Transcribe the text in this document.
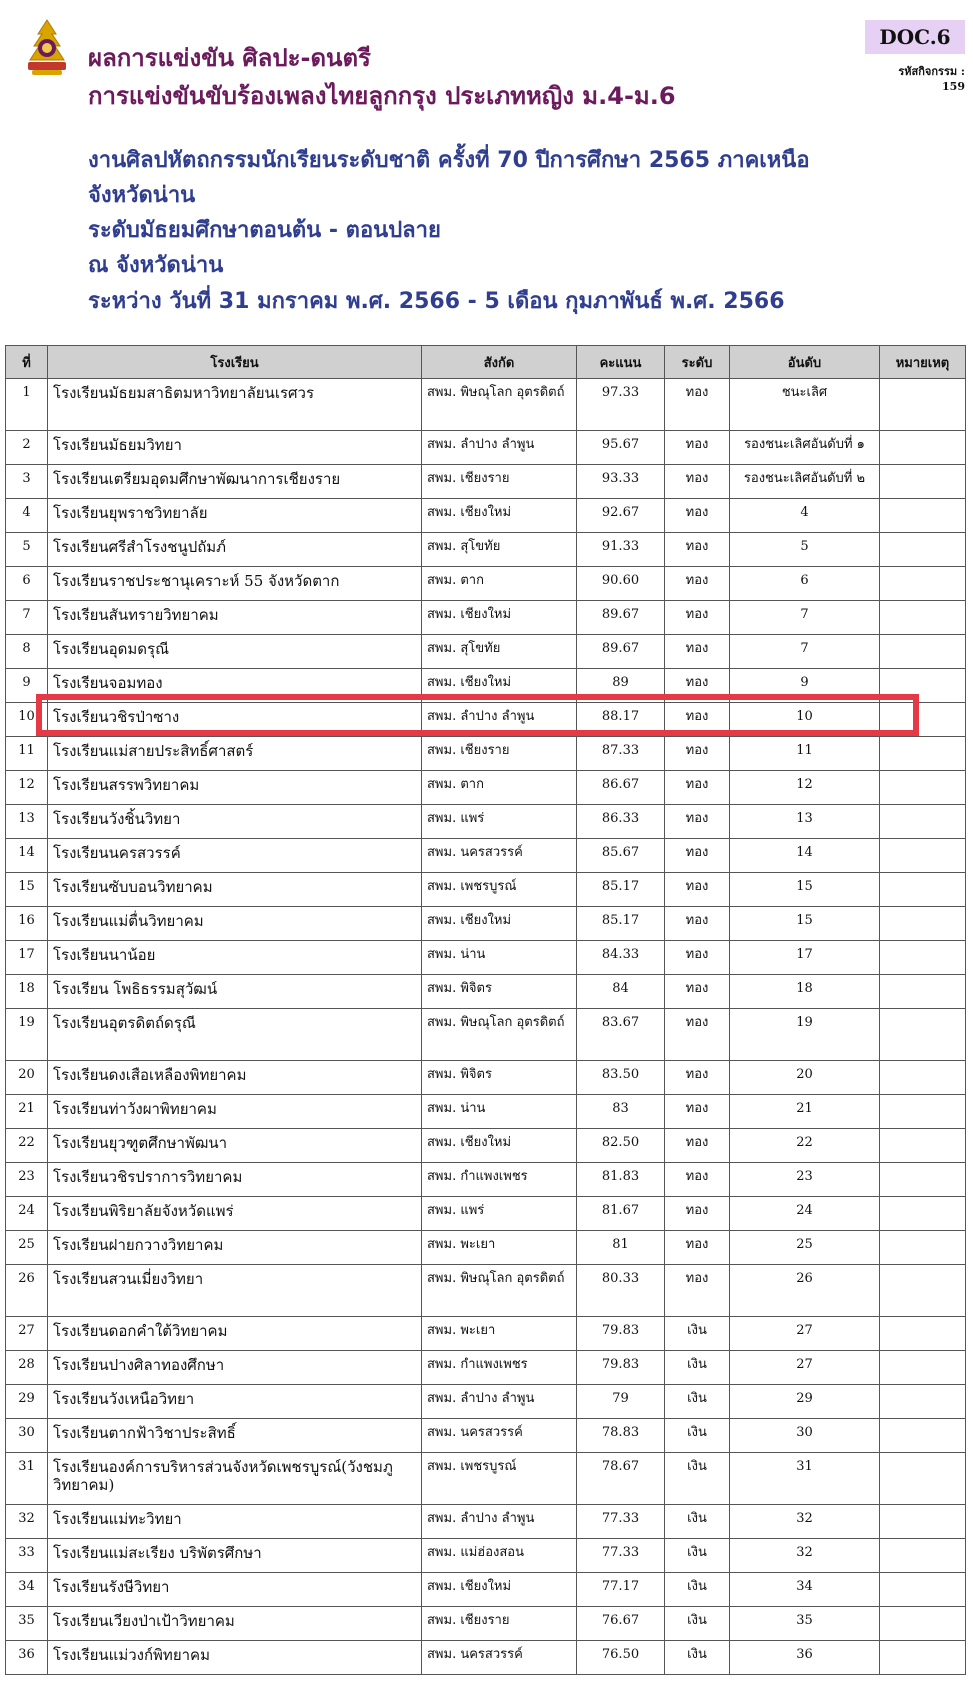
ผลการแข่งขัน ศิลปะ-ดนตรี
การแข่งขันขับร้องเพลงไทยลูกกรุง ประเภทหญิง ม.4-ม.6
DOC.6
รหัสกิจกรรม :
159
งานศิลปหัตถกรรมนักเรียนระดับชาติ ครั้งที่ 70 ปีการศึกษา 2565 ภาคเหนือ
จังหวัดน่าน
ระดับมัธยมศึกษาตอนต้น - ตอนปลาย
ณ จังหวัดน่าน
ระหว่าง วันที่ 31 มกราคม พ.ศ. 2566 - 5 เดือน กุมภาพันธ์ พ.ศ. 2566
ที่	โรงเรียน	สังกัด	คะแนน	ระดับ	อันดับ	หมายเหตุ
1	โรงเรียนมัธยมสาธิตมหาวิทยาลัยนเรศวร	สพม. พิษณุโลก อุตรดิตถ์	97.33	ทอง	ชนะเลิศ	
2	โรงเรียนมัธยมวิทยา	สพม. ลำปาง ลำพูน	95.67	ทอง	รองชนะเลิศอันดับที่ ๑	
3	โรงเรียนเตรียมอุดมศึกษาพัฒนาการเชียงราย	สพม. เชียงราย	93.33	ทอง	รองชนะเลิศอันดับที่ ๒	
4	โรงเรียนยุพราชวิทยาลัย	สพม. เชียงใหม่	92.67	ทอง	4	
5	โรงเรียนศรีสำโรงชนูปถัมภ์	สพม. สุโขทัย	91.33	ทอง	5	
6	โรงเรียนราชประชานุเคราะห์ 55 จังหวัดตาก	สพม. ตาก	90.60	ทอง	6	
7	โรงเรียนสันทรายวิทยาคม	สพม. เชียงใหม่	89.67	ทอง	7	
8	โรงเรียนอุดมดรุณี	สพม. สุโขทัย	89.67	ทอง	7	
9	โรงเรียนจอมทอง	สพม. เชียงใหม่	89	ทอง	9	
10	โรงเรียนวชิรป่าซาง	สพม. ลำปาง ลำพูน	88.17	ทอง	10	
11	โรงเรียนแม่สายประสิทธิ์ศาสตร์	สพม. เชียงราย	87.33	ทอง	11	
12	โรงเรียนสรรพวิทยาคม	สพม. ตาก	86.67	ทอง	12	
13	โรงเรียนวังชิ้นวิทยา	สพม. แพร่	86.33	ทอง	13	
14	โรงเรียนนครสวรรค์	สพม. นครสวรรค์	85.67	ทอง	14	
15	โรงเรียนซับบอนวิทยาคม	สพม. เพชรบูรณ์	85.17	ทอง	15	
16	โรงเรียนแม่ตื่นวิทยาคม	สพม. เชียงใหม่	85.17	ทอง	15	
17	โรงเรียนนาน้อย	สพม. น่าน	84.33	ทอง	17	
18	โรงเรียน โพธิธรรมสุวัฒน์	สพม. พิจิตร	84	ทอง	18	
19	โรงเรียนอุตรดิตถ์ดรุณี	สพม. พิษณุโลก อุตรดิตถ์	83.67	ทอง	19	
20	โรงเรียนดงเสือเหลืองพิทยาคม	สพม. พิจิตร	83.50	ทอง	20	
21	โรงเรียนท่าวังผาพิทยาคม	สพม. น่าน	83	ทอง	21	
22	โรงเรียนยุวฑูตศึกษาพัฒนา	สพม. เชียงใหม่	82.50	ทอง	22	
23	โรงเรียนวชิรปราการวิทยาคม	สพม. กำแพงเพชร	81.83	ทอง	23	
24	โรงเรียนพิริยาลัยจังหวัดแพร่	สพม. แพร่	81.67	ทอง	24	
25	โรงเรียนฝายกวางวิทยาคม	สพม. พะเยา	81	ทอง	25	
26	โรงเรียนสวนเมี่ยงวิทยา	สพม. พิษณุโลก อุตรดิตถ์	80.33	ทอง	26	
27	โรงเรียนดอกคำใต้วิทยาคม	สพม. พะเยา	79.83	เงิน	27	
28	โรงเรียนปางศิลาทองศึกษา	สพม. กำแพงเพชร	79.83	เงิน	27	
29	โรงเรียนวังเหนือวิทยา	สพม. ลำปาง ลำพูน	79	เงิน	29	
30	โรงเรียนตากฟ้าวิชาประสิทธิ์	สพม. นครสวรรค์	78.83	เงิน	30	
31	โรงเรียนองค์การบริหารส่วนจังหวัดเพชรบูรณ์(วังชมภูวิทยาคม)	สพม. เพชรบูรณ์	78.67	เงิน	31	
32	โรงเรียนแม่ทะวิทยา	สพม. ลำปาง ลำพูน	77.33	เงิน	32	
33	โรงเรียนแม่สะเรียง บริพัตรศึกษา	สพม. แม่ฮ่องสอน	77.33	เงิน	32	
34	โรงเรียนรังษีวิทยา	สพม. เชียงใหม่	77.17	เงิน	34	
35	โรงเรียนเวียงป่าเป้าวิทยาคม	สพม. เชียงราย	76.67	เงิน	35	
36	โรงเรียนแม่วงก์พิทยาคม	สพม. นครสวรรค์	76.50	เงิน	36	
